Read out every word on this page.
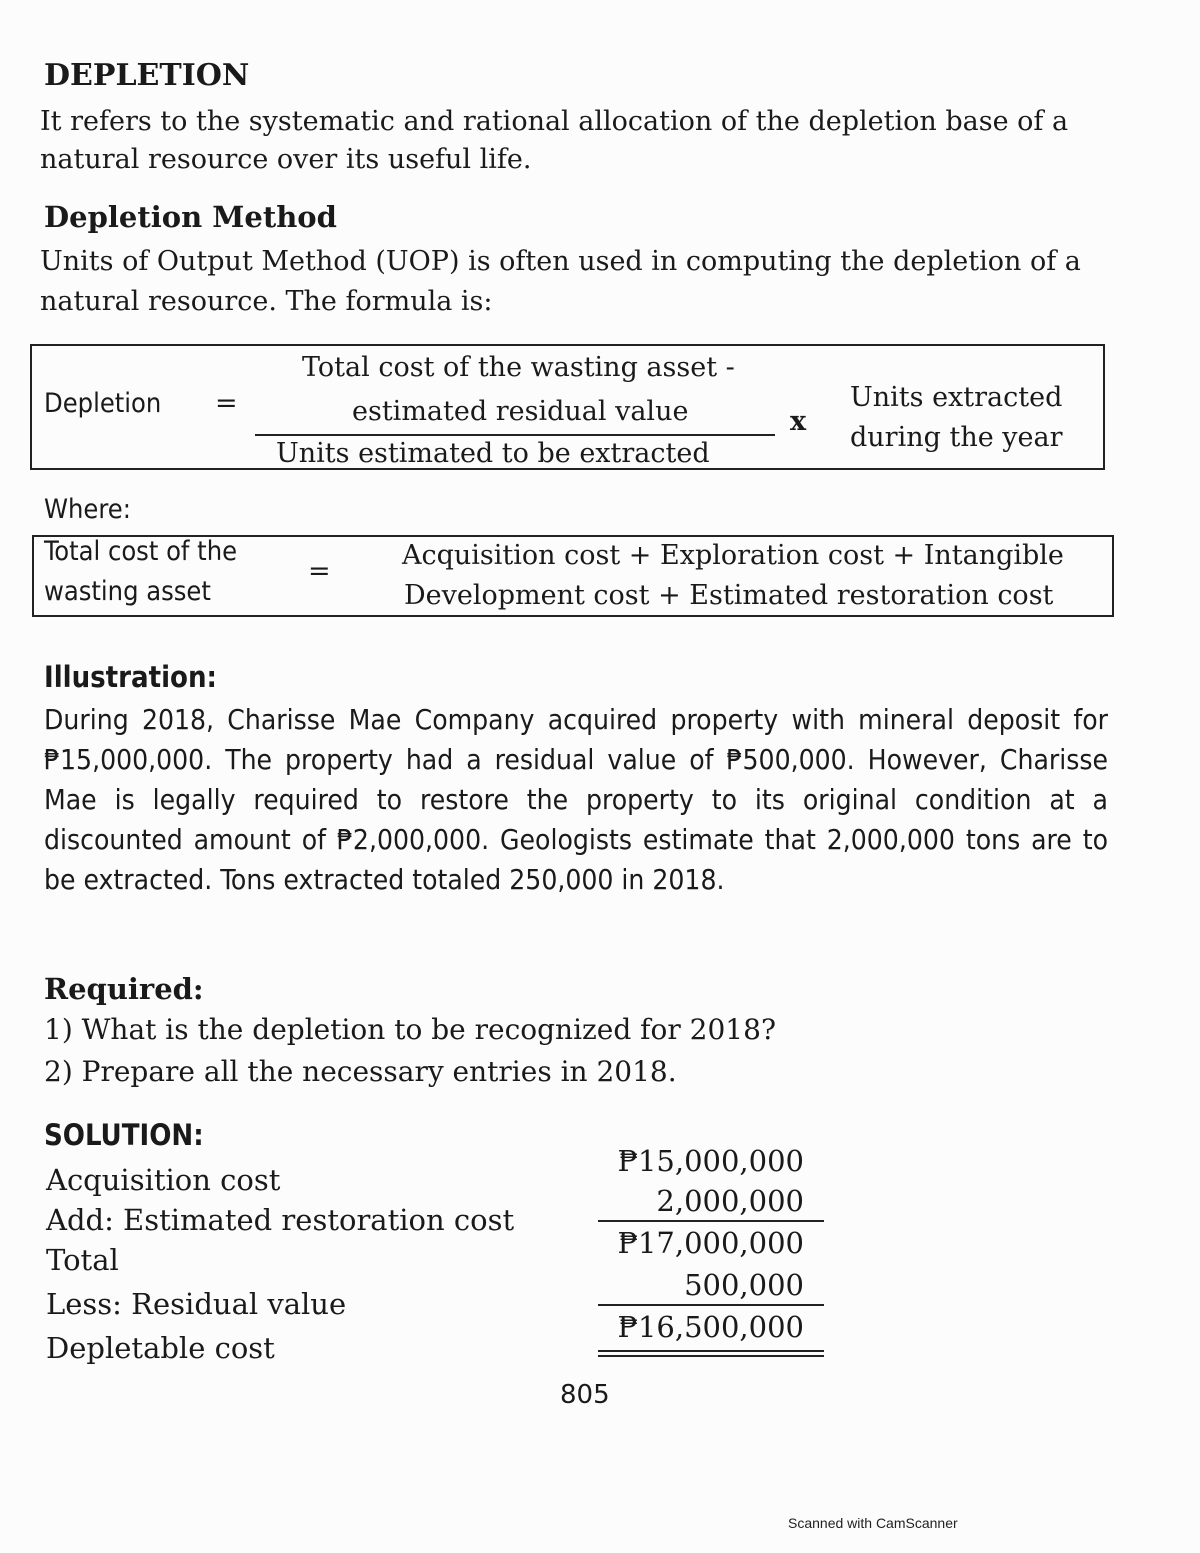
DEPLETION
It refers to the systematic and rational allocation of the depletion base of a
natural resource over its useful life.
Depletion Method
Units of Output Method (UOP) is often used in computing the depletion of a
natural resource. The formula is:
Depletion =
Total cost of the wasting asset -
estimated residual value
Units estimated to be extracted
x
Units extracted
during the year
Where:
Total cost of the
wasting asset
=
Acquisition cost + Exploration cost + Intangible
Development cost + Estimated restoration cost
Illustration:
During 2018, Charisse Mae Company acquired property with mineral deposit for ₱15,000,000. The property had a residual value of ₱500,000. However, Charisse Mae is legally required to restore the property to its original condition at a discounted amount of ₱2,000,000. Geologists estimate that 2,000,000 tons are to be extracted. Tons extracted totaled 250,000 in 2018.
Required:
1) What is the depletion to be recognized for 2018?
2) Prepare all the necessary entries in 2018.
SOLUTION:
Acquisition cost
Add: Estimated restoration cost
Total
Less: Residual value
Depletable cost
₱15,000,000
2,000,000
₱17,000,000
500,000
₱16,500,000
805
Scanned with CamScanner
